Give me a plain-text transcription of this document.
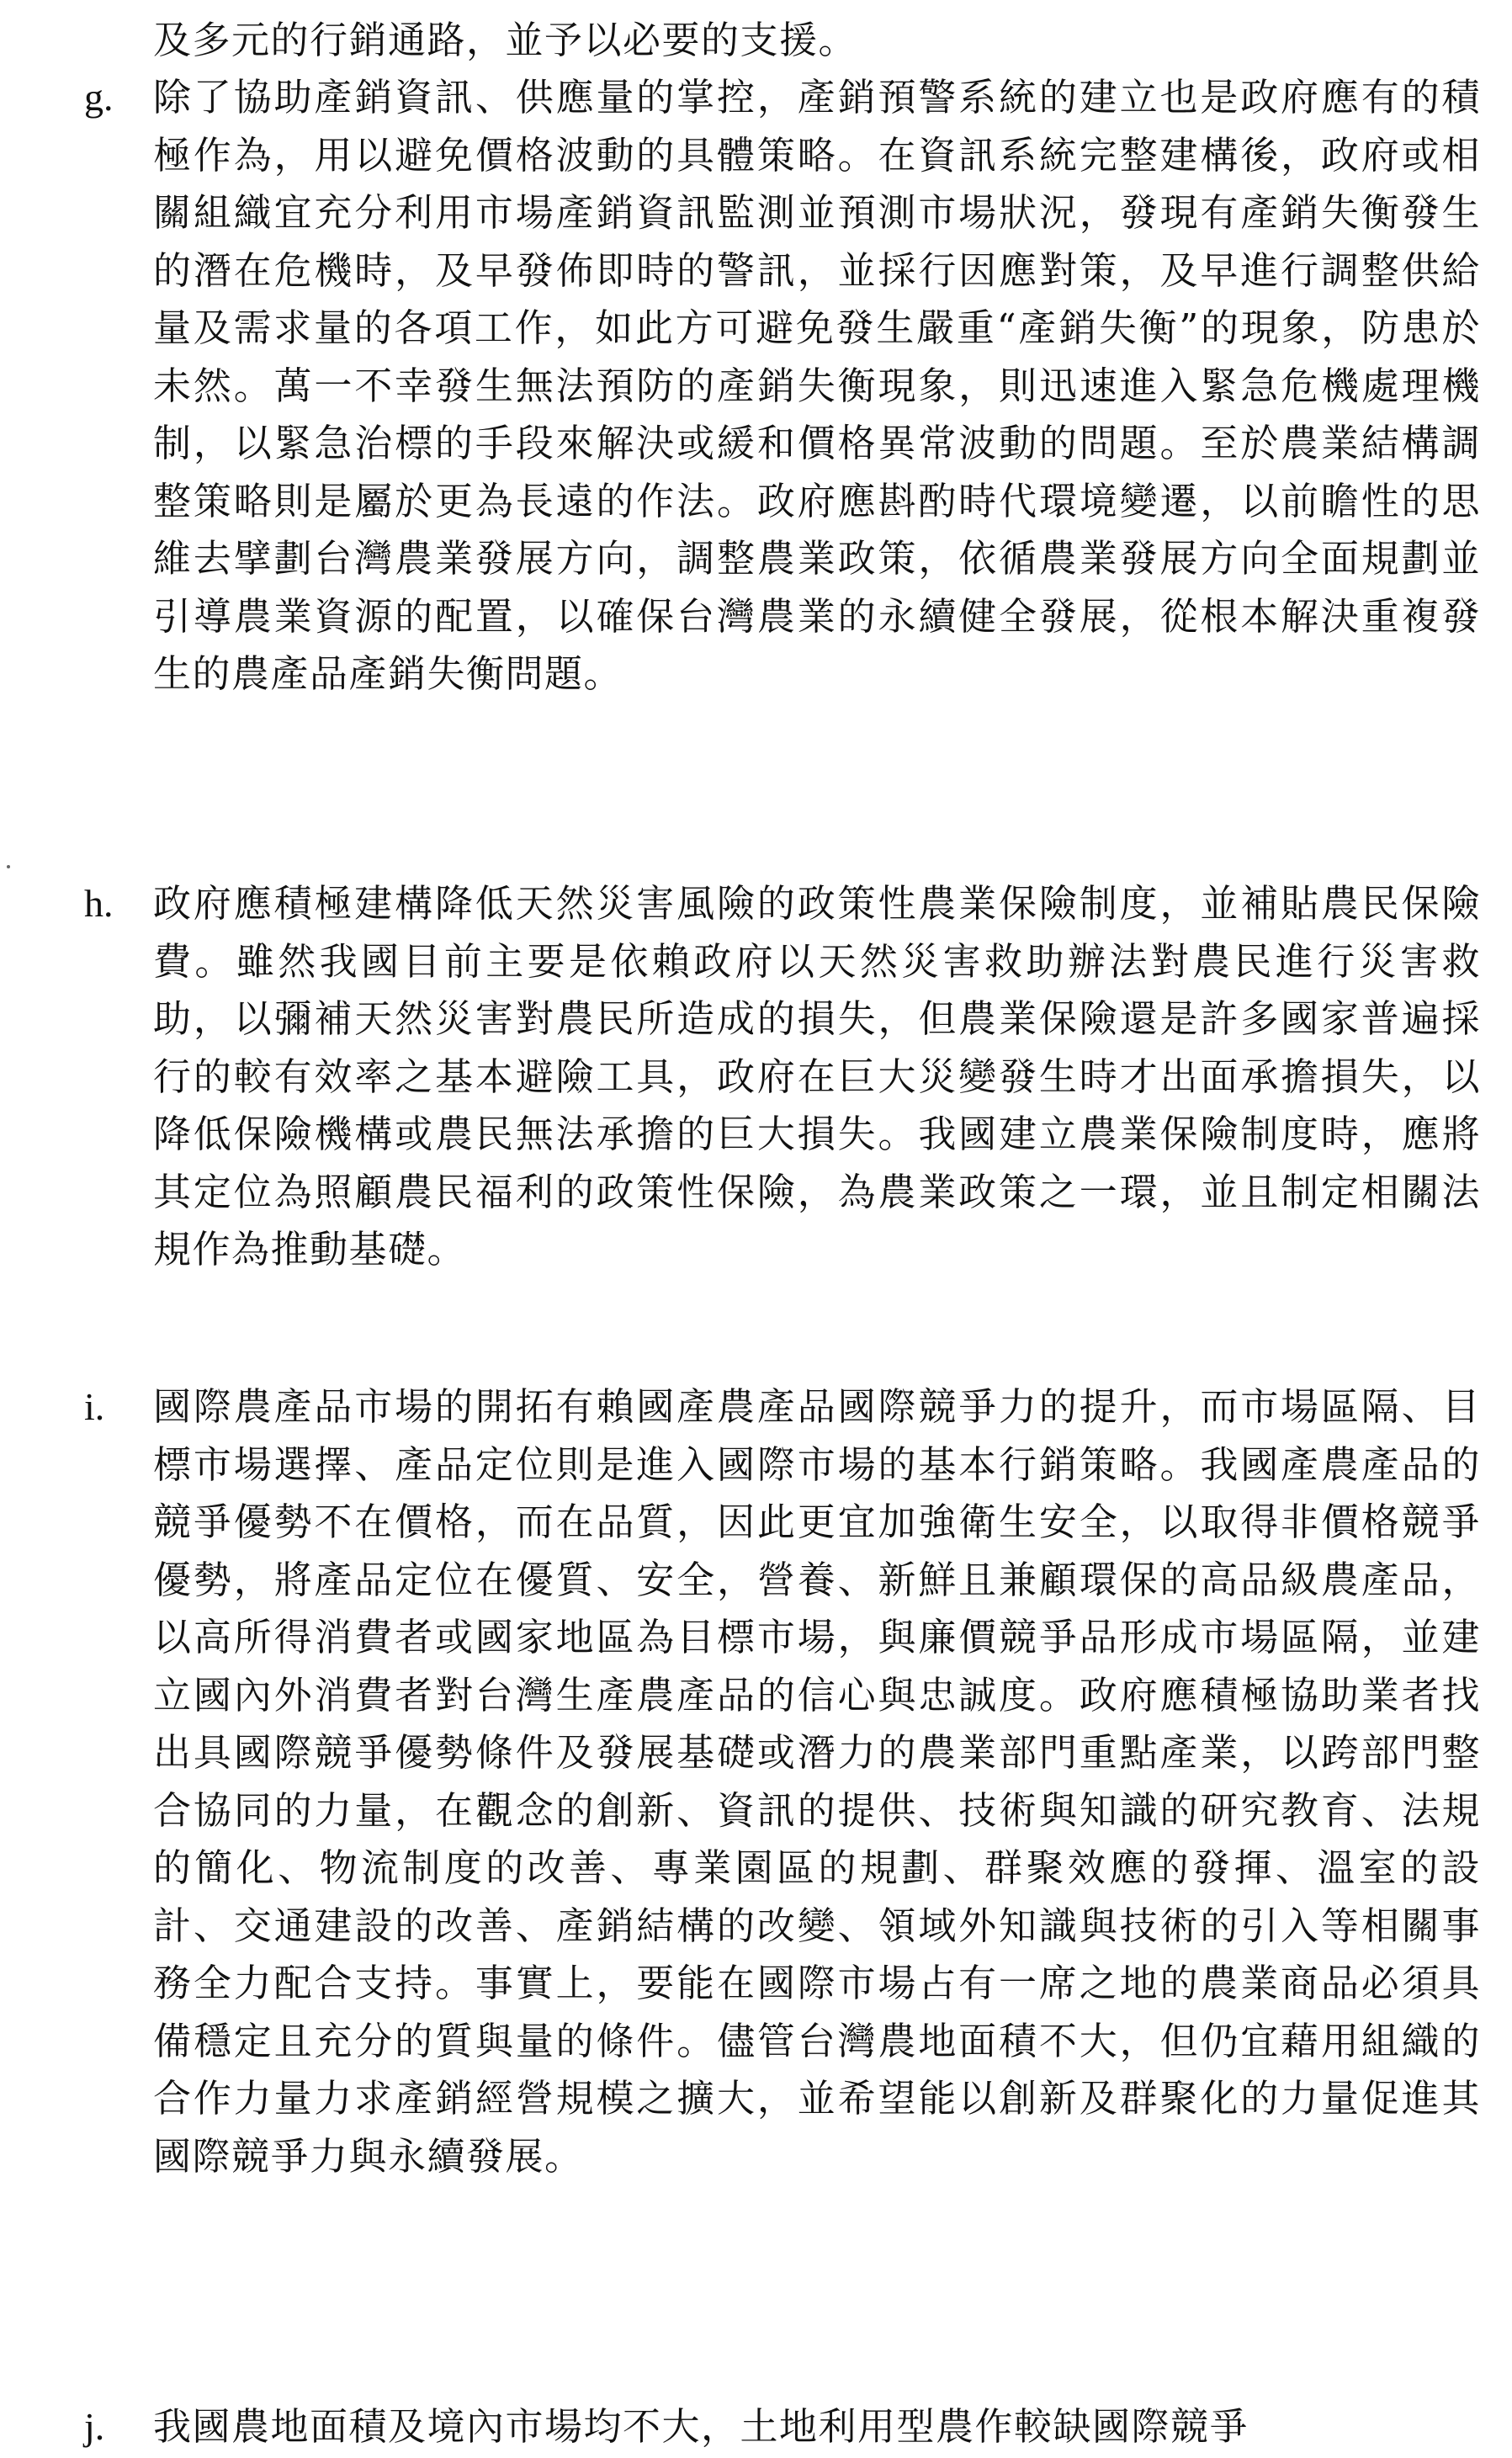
及多元的行銷通路，並予以必要的支援。

g.	除了協助產銷資訊、供應量的掌控，產銷預警系統的建立也是政府應有的積極作為，用以避免價格波動的具體策略。在資訊系統完整建構後，政府或相關組織宜充分利用市場產銷資訊監測並預測市場狀況，發現有產銷失衡發生的潛在危機時，及早發佈即時的警訊，並採行因應對策，及早進行調整供給量及需求量的各項工作，如此方可避免發生嚴重“產銷失衡”的現象，防患於未然。萬一不幸發生無法預防的產銷失衡現象，則迅速進入緊急危機處理機制，以緊急治標的手段來解決或緩和價格異常波動的問題。至於農業結構調整策略則是屬於更為長遠的作法。政府應斟酌時代環境變遷，以前瞻性的思維去擘劃台灣農業發展方向，調整農業政策，依循農業發展方向全面規劃並引導農業資源的配置，以確保台灣農業的永續健全發展，從根本解決重複發生的農產品產銷失衡問題。

h.	政府應積極建構降低天然災害風險的政策性農業保險制度，並補貼農民保險費。雖然我國目前主要是依賴政府以天然災害救助辦法對農民進行災害救助，以彌補天然災害對農民所造成的損失，但農業保險還是許多國家普遍採行的較有效率之基本避險工具，政府在巨大災變發生時才出面承擔損失，以降低保險機構或農民無法承擔的巨大損失。我國建立農業保險制度時，應將其定位為照顧農民福利的政策性保險，為農業政策之一環，並且制定相關法規作為推動基礎。

i.	國際農產品市場的開拓有賴國產農產品國際競爭力的提升，而市場區隔、目標市場選擇、產品定位則是進入國際市場的基本行銷策略。我國產農產品的競爭優勢不在價格，而在品質，因此更宜加強衛生安全，以取得非價格競爭優勢，將產品定位在優質、安全，營養、新鮮且兼顧環保的高品級農產品，以高所得消費者或國家地區為目標市場，與廉價競爭品形成市場區隔，並建立國內外消費者對台灣生產農產品的信心與忠誠度。政府應積極協助業者找出具國際競爭優勢條件及發展基礎或潛力的農業部門重點產業，以跨部門整合協同的力量，在觀念的創新、資訊的提供、技術與知識的研究教育、法規的簡化、物流制度的改善、專業園區的規劃、群聚效應的發揮、溫室的設計、交通建設的改善、產銷結構的改變、領域外知識與技術的引入等相關事務全力配合支持。事實上，要能在國際市場占有一席之地的農業商品必須具備穩定且充分的質與量的條件。儘管台灣農地面積不大，但仍宜藉用組織的合作力量力求產銷經營規模之擴大，並希望能以創新及群聚化的力量促進其國際競爭力與永續發展。

j.	我國農地面積及境內市場均不大，土地利用型農作較缺國際競爭
